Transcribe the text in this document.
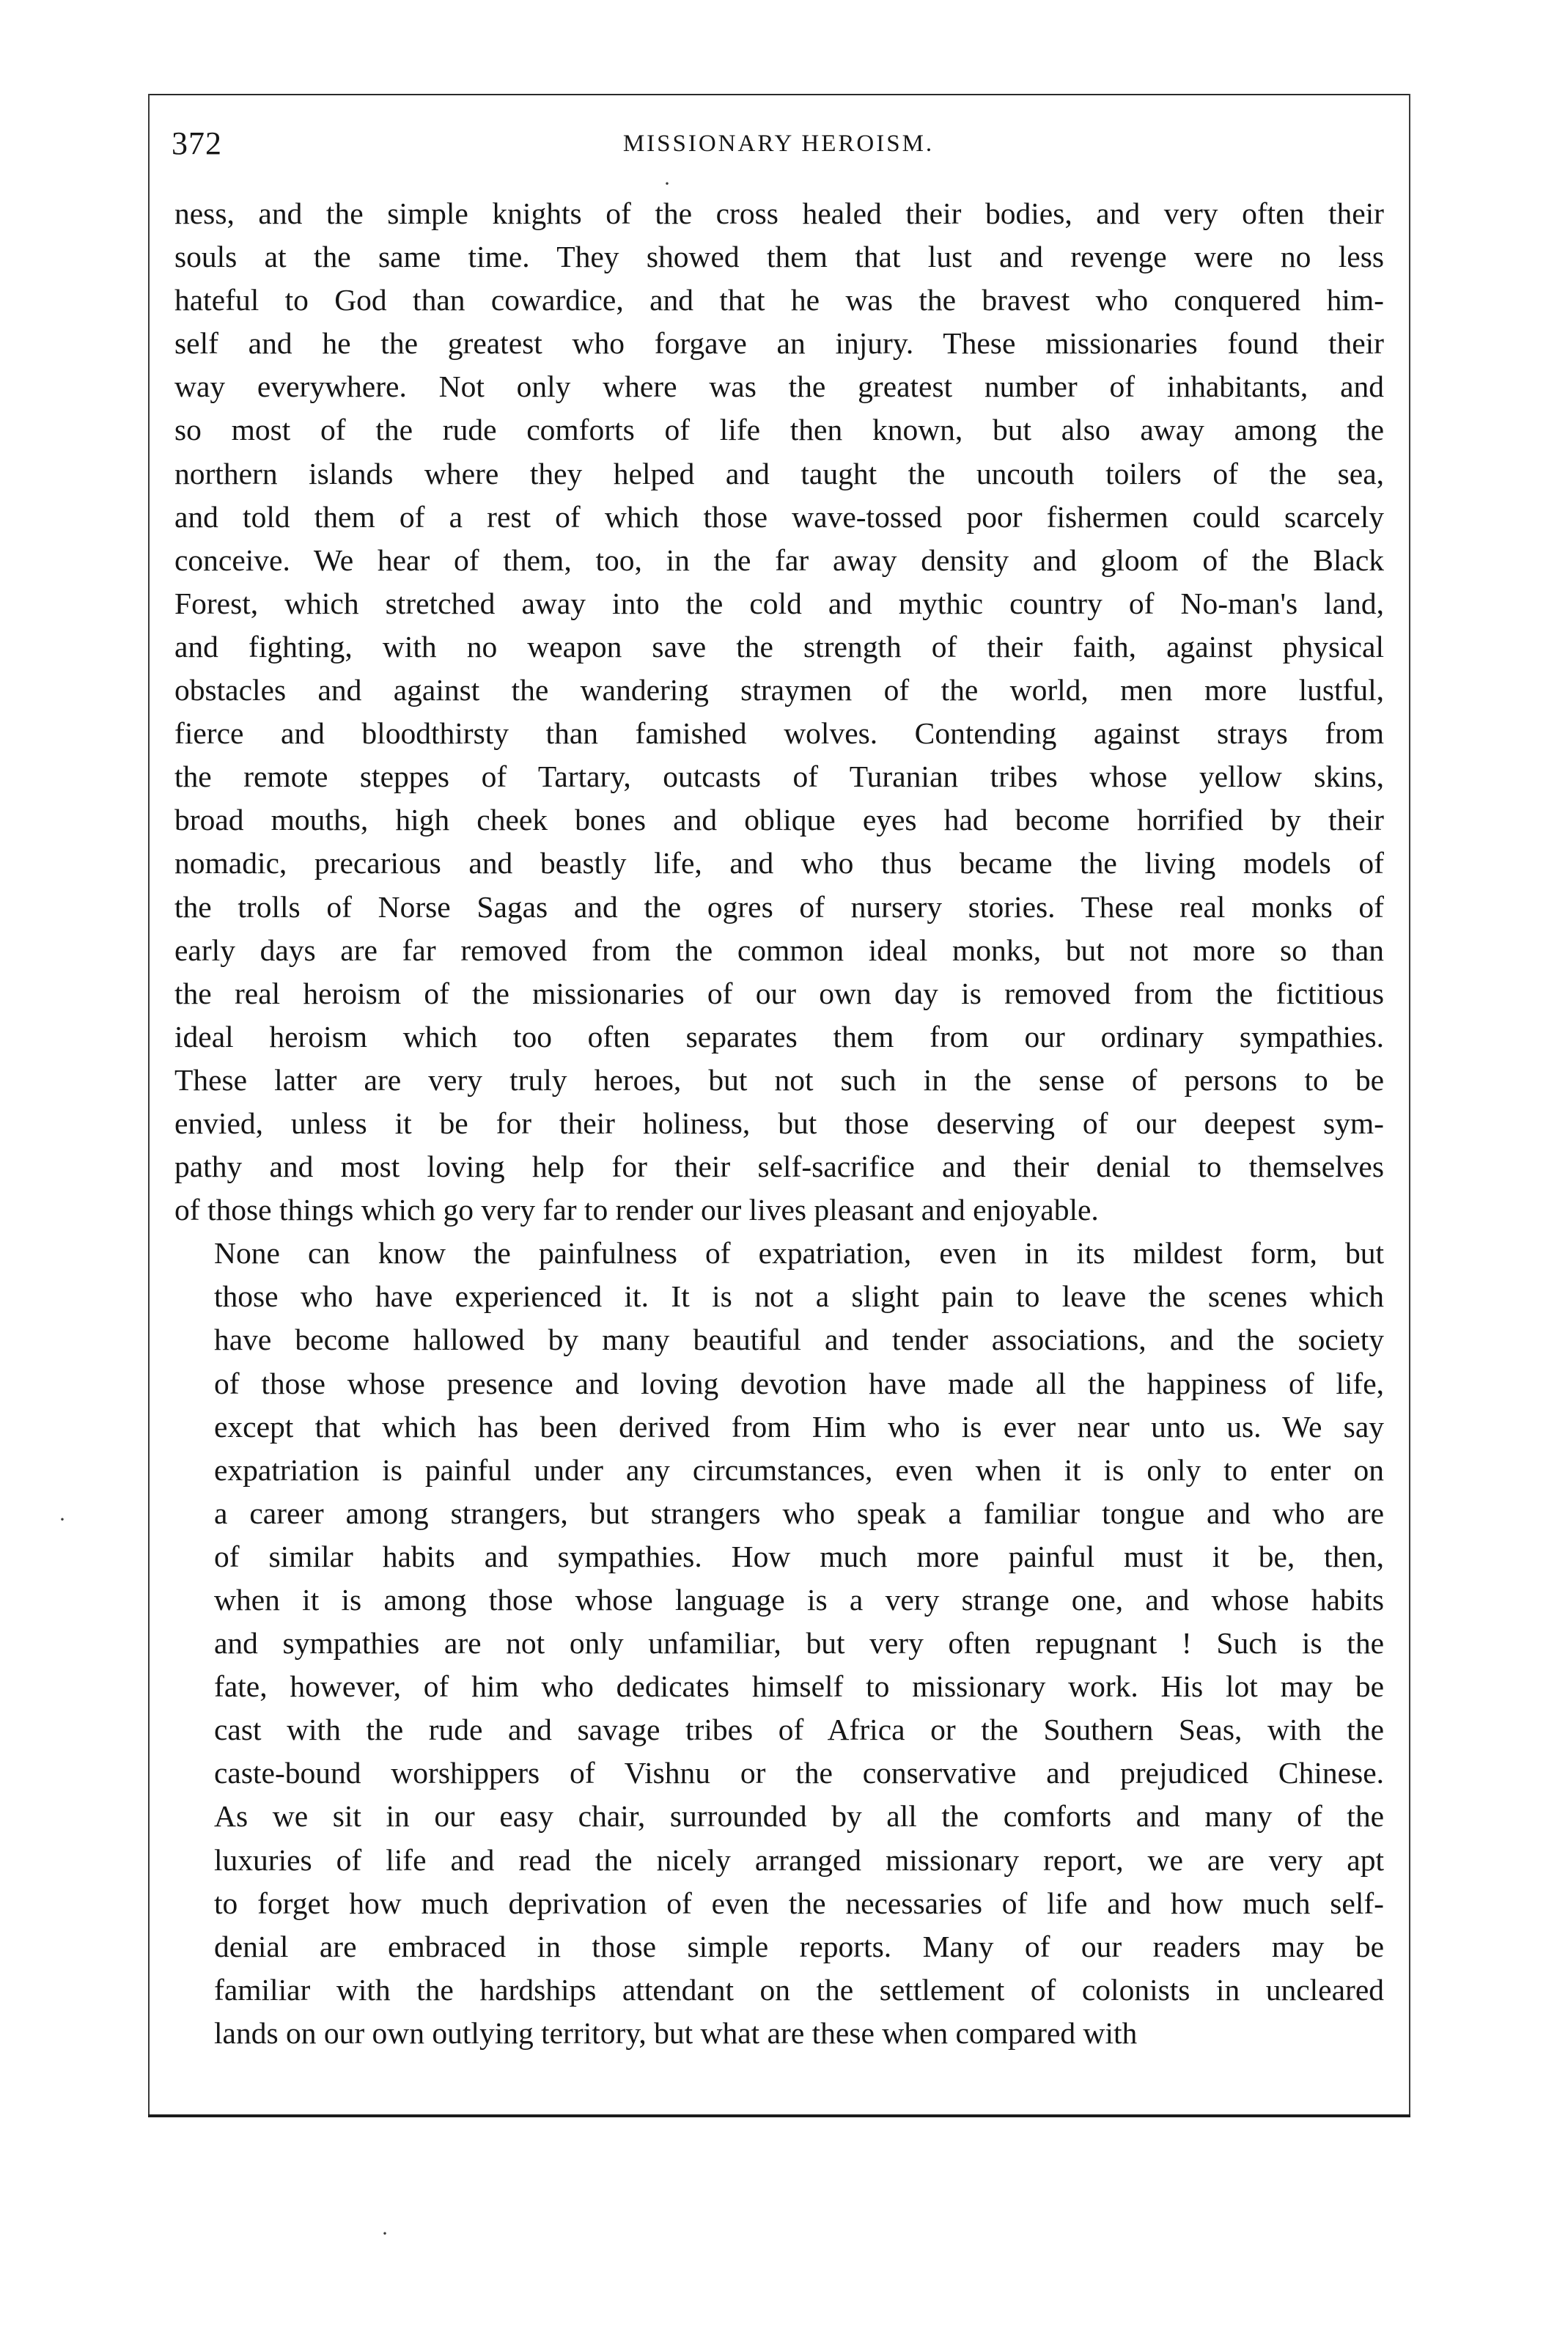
372	MISSIONARY HEROISM.

ness, and the simple knights of the cross healed their bodies, and very often their
souls at the same time. They showed them that lust and revenge were no less
hateful to God than cowardice, and that he was the bravest who conquered him-
self and he the greatest who forgave an injury. These missionaries found their
way everywhere. Not only where was the greatest number of inhabitants, and
so most of the rude comforts of life then known, but also away among the
northern islands where they helped and taught the uncouth toilers of the sea,
and told them of a rest of which those wave-tossed poor fishermen could scarcely
conceive. We hear of them, too, in the far away density and gloom of the Black
Forest, which stretched away into the cold and mythic country of No-man's land,
and fighting, with no weapon save the strength of their faith, against physical
obstacles and against the wandering straymen of the world, men more lustful,
fierce and bloodthirsty than famished wolves. Contending against strays from
the remote steppes of Tartary, outcasts of Turanian tribes whose yellow skins,
broad mouths, high cheek bones and oblique eyes had become horrified by their
nomadic, precarious and beastly life, and who thus became the living models of
the trolls of Norse Sagas and the ogres of nursery stories. These real monks of
early days are far removed from the common ideal monks, but not more so than
the real heroism of the missionaries of our own day is removed from the fictitious
ideal heroism which too often separates them from our ordinary sympathies.
These latter are very truly heroes, but not such in the sense of persons to be
envied, unless it be for their holiness, but those deserving of our deepest sym-
pathy and most loving help for their self-sacrifice and their denial to themselves
of those things which go very far to render our lives pleasant and enjoyable.

None can know the painfulness of expatriation, even in its mildest form, but
those who have experienced it. It is not a slight pain to leave the scenes which
have become hallowed by many beautiful and tender associations, and the society
of those whose presence and loving devotion have made all the happiness of life,
except that which has been derived from Him who is ever near unto us. We say
expatriation is painful under any circumstances, even when it is only to enter on
a career among strangers, but strangers who speak a familiar tongue and who are
of similar habits and sympathies. How much more painful must it be, then,
when it is among those whose language is a very strange one, and whose habits
and sympathies are not only unfamiliar, but very often repugnant ! Such is the
fate, however, of him who dedicates himself to missionary work. His lot may be
cast with the rude and savage tribes of Africa or the Southern Seas, with the
caste-bound worshippers of Vishnu or the conservative and prejudiced Chinese.
As we sit in our easy chair, surrounded by all the comforts and many of the
luxuries of life and read the nicely arranged missionary report, we are very apt
to forget how much deprivation of even the necessaries of life and how much self-
denial are embraced in those simple reports. Many of our readers may be
familiar with the hardships attendant on the settlement of colonists in uncleared
lands on our own outlying territory, but what are these when compared with

·
·
·
